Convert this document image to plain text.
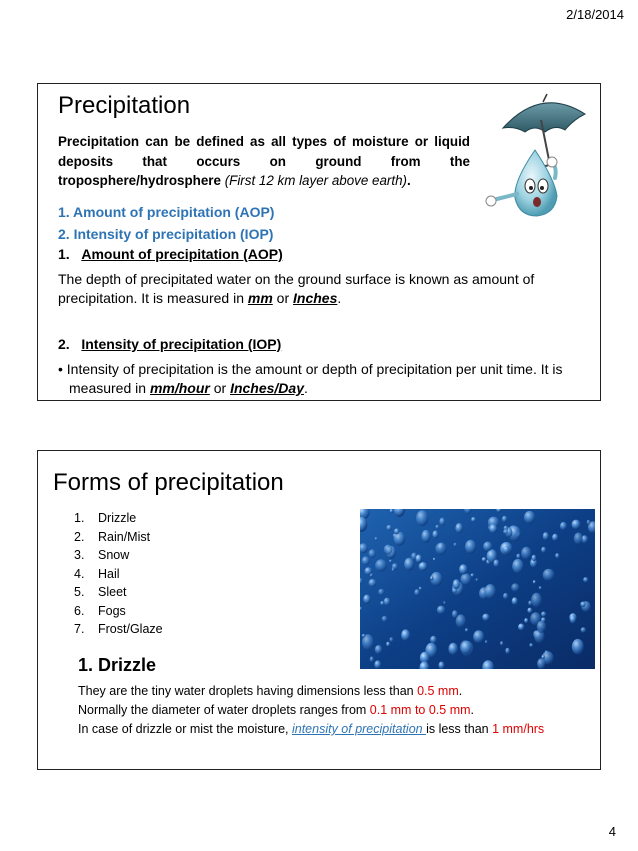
2/18/2014
Precipitation

Precipitation can be defined as all types of moisture or liquid deposits that occurs on ground from the troposphere/hydrosphere (First 12 km layer above earth).

1. Amount of precipitation (AOP)
2. Intensity of precipitation (IOP)
1. Amount of precipitation (AOP)

The depth of precipitated water on the ground surface is known as amount of precipitation. It is measured in mm or Inches.

2. Intensity of precipitation (IOP)

• Intensity of precipitation is the amount or depth of precipitation per unit time. It is measured in mm/hour or Inches/Day.

Forms of precipitation
1. Drizzle
2. Rain/Mist
3. Snow
4. Hail
5. Sleet
6. Fogs
7. Frost/Glaze
1. Drizzle

They are the tiny water droplets having dimensions less than 0.5 mm.

Normally the diameter of water droplets ranges from 0.1 mm to 0.5 mm.

In case of drizzle or mist the moisture, intensity of precipitation is less than 1 mm/hrs

4
